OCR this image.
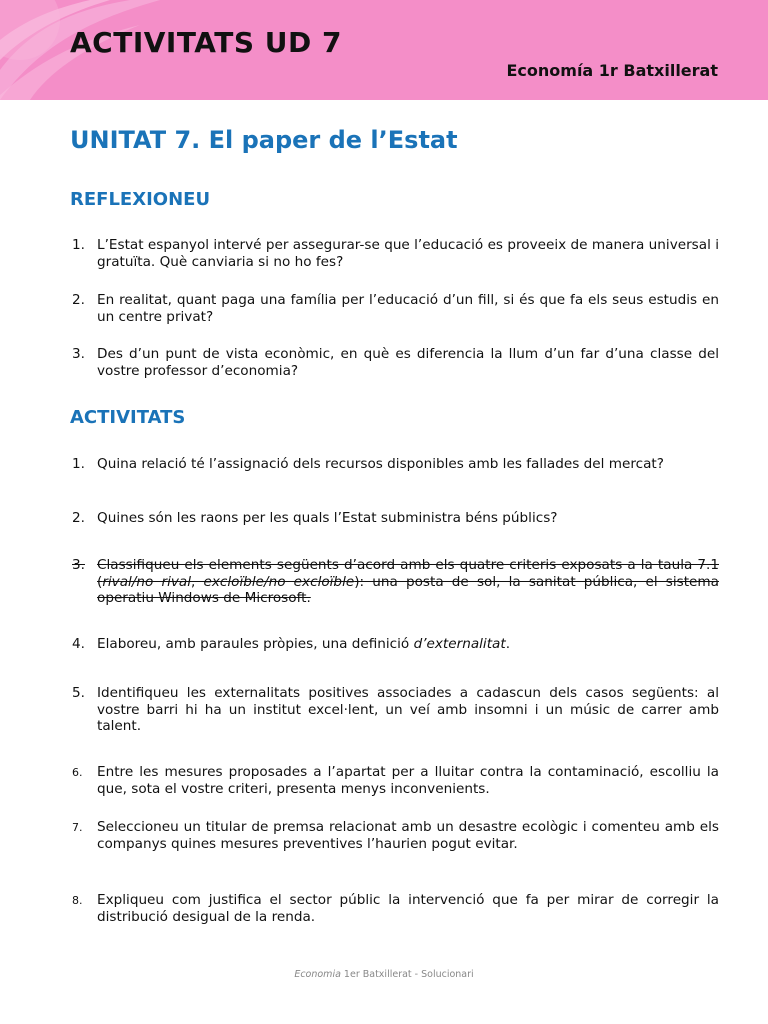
ACTIVITATS UD 7
Economía 1r Batxillerat
UNITAT 7. El paper de l’Estat
REFLEXIONEU
1. L’Estat espanyol intervé per assegurar-se que l’educació es proveeix de manera universal i gratuïta. Què canviaria si no ho fes?
2. En realitat, quant paga una família per l’educació d’un fill, si és que fa els seus estudis en un centre privat?
3. Des d’un punt de vista econòmic, en què es diferencia la llum d’un far d’una classe del vostre professor d’economia?
ACTIVITATS
1. Quina relació té l’assignació dels recursos disponibles amb les fallades del mercat?
2. Quines són les raons per les quals l’Estat subministra béns públics?
3. Classifiqueu els elements següents d’acord amb els quatre criteris exposats a la taula 7.1 (rival/no rival, excloïble/no excloïble): una posta de sol, la sanitat pública, el sistema operatiu Windows de Microsoft.
4. Elaboreu, amb paraules pròpies, una definició d’externalitat.
5. Identifiqueu les externalitats positives associades a cadascun dels casos següents: al vostre barri hi ha un institut excel·lent, un veí amb insomni i un músic de carrer amb talent.
6.	Entre les mesures proposades a l’apartat per a lluitar contra la contaminació, escolliu la que, sota el vostre criteri, presenta menys inconvenients.
7.	Seleccioneu un titular de premsa relacionat amb un desastre ecològic i comenteu amb els companys quines mesures preventives l’haurien pogut evitar.
8.	Expliqueu com justifica el sector públic la intervenció que fa per mirar de corregir la distribució desigual de la renda.
Economia 1er Batxillerat - Solucionari
